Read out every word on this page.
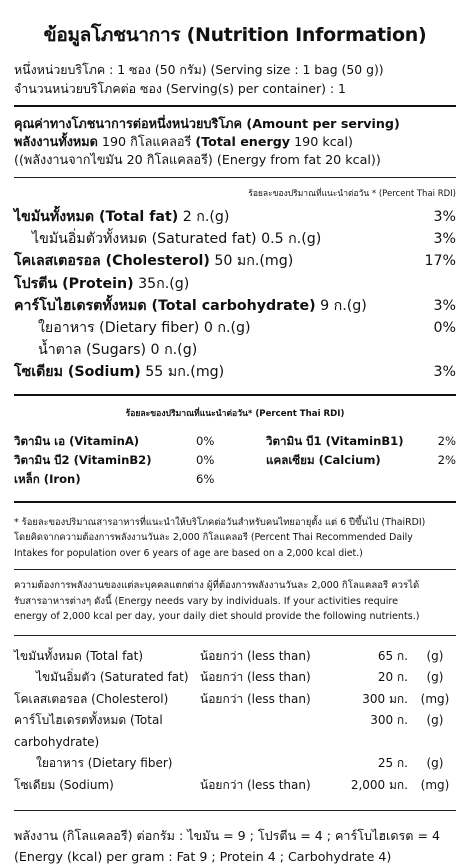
ข้อมูลโภชนาการ (Nutrition Information)
หนึ่งหน่วยบริโภค : 1 ซอง (50 กรัม) (Serving size : 1 bag (50 g))
จำนวนหน่วยบริโภคต่อ ซอง (Serving(s) per container) : 1
คุณค่าทางโภชนาการต่อหนึ่งหน่วยบริโภค (Amount per serving)
พลังงานทั้งหมด 190 กิโลแคลอรี (Total energy 190 kcal)
((พลังงานจากไขมัน 20 กิโลแคลอรี) (Energy from fat 20 kcal))
ร้อยละของปริมาณที่แนะนำต่อวัน * (Percent Thai RDI)
ไขมันทั้งหมด (Total fat) 2 ก.(g)	3%
ไขมันอิ่มตัวทั้งหมด (Saturated fat) 0.5 ก.(g)	3%
โคเลสเตอรอล (Cholesterol) 50 มก.(mg)	17%
โปรตีน (Protein) 35ก.(g)
คาร์โบไฮเดรตทั้งหมด (Total carbohydrate) 9 ก.(g)	3%
ใยอาหาร (Dietary fiber) 0 ก.(g)	0%
น้ำตาล (Sugars) 0 ก.(g)
โซเดียม (Sodium) 55 มก.(mg)	3%
ร้อยละของปริมาณที่แนะนำต่อวัน* (Percent Thai RDI)
วิตามิน เอ (VitaminA)	0%	วิตามิน บี1 (VitaminB1)	2%
วิตามิน บี2 (VitaminB2)	0%	แคลเซียม (Calcium)	2%
เหล็ก (Iron)	6%
* ร้อยละของปริมาณสารอาหารที่แนะนำให้บริโภคต่อวันสำหรับคนไทยอายุตั้ง แต่ 6 ปีขึ้นไป (ThaiRDI)
โดยคิดจากความต้องการพลังงานวันละ 2,000 กิโลแคลอรี (Percent Thai Recommended Daily
Intakes for population over 6 years of age are based on a 2,000 kcal diet.)
ความต้องการพลังงานของแต่ละบุคคลแตกต่าง ผู้ที่ต้องการพลังงานวันละ 2,000 กิโลแคลอรี ควรได้
รับสารอาหารต่างๆ ดังนี้ (Energy needs vary by individuals. If your activities require
energy of 2,000 kcal per day, your daily diet should provide the following nutrients.)
ไขมันทั้งหมด (Total fat)	น้อยกว่า (less than)	65 ก.	(g)
ไขมันอิ่มตัว (Saturated fat) น้อยกว่า (less than)	20 ก.	(g)
โคเลสเตอรอล (Cholesterol)	น้อยกว่า (less than)	300 มก.	(mg)
คาร์โบไฮเดรตทั้งหมด (Total carbohydrate)
300 ก.	(g)
ใยอาหาร (Dietary fiber)	25 ก.	(g)
โซเดียม (Sodium)	น้อยกว่า (less than)	2,000 มก.	(mg)
พลังงาน (กิโลแคลอรี) ต่อกรัม : ไขมัน = 9 ; โปรตีน = 4 ; คาร์โบไฮเดรต = 4
(Energy (kcal) per gram : Fat 9 ; Protein 4 ; Carbohydrate 4)
